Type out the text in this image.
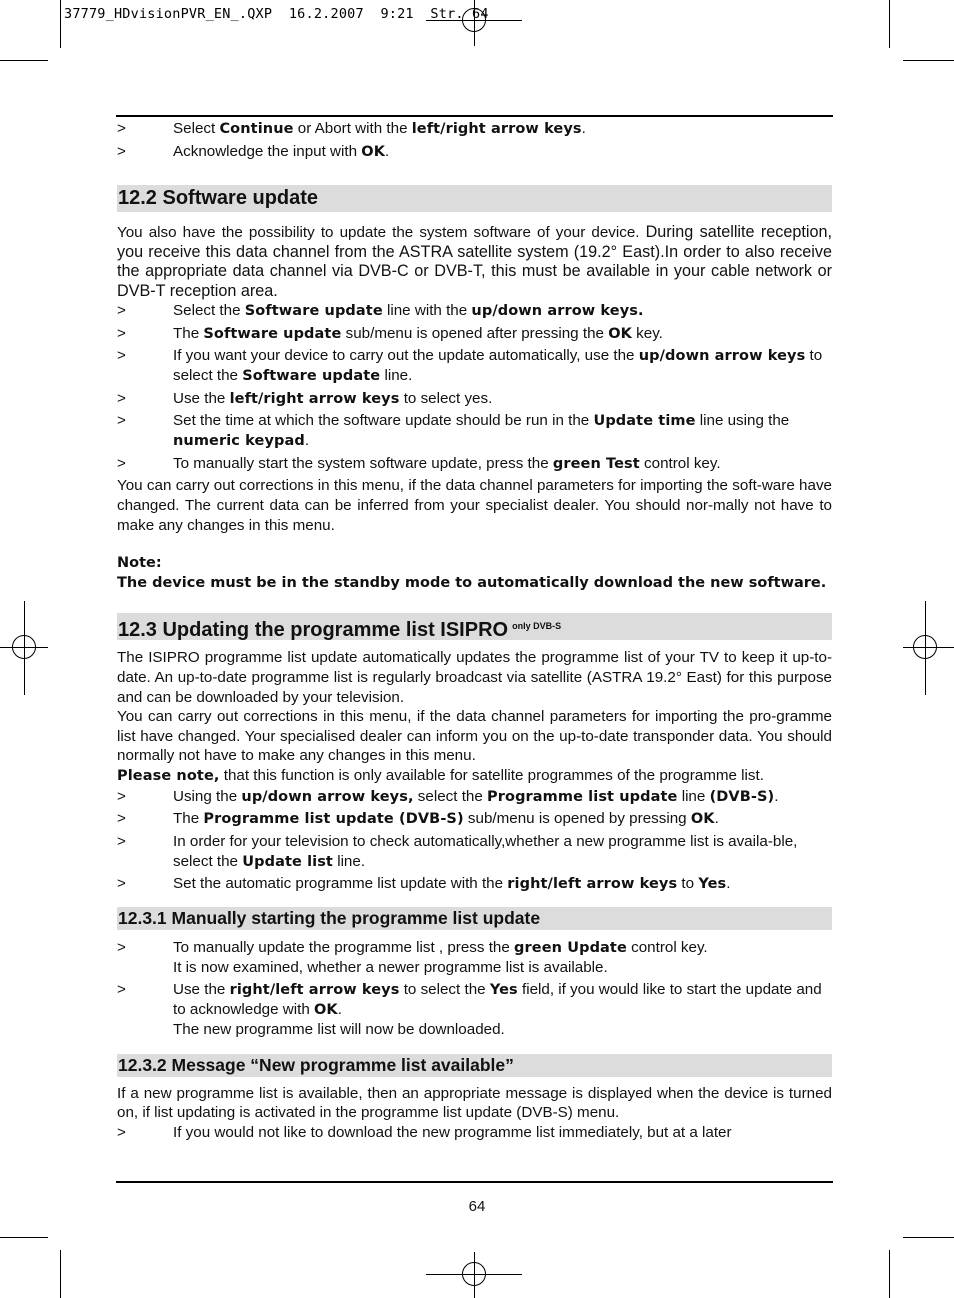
37779_HDvisionPVR_EN_.QXP  16.2.2007  9:21  Str. 64
>	Select Continue or Abort with the left/right arrow keys.
>	Acknowledge the input with OK.
12.2 Software update
You also have the possibility to update the system software of your device. During satellite reception, you receive this data channel from the ASTRA satellite system (19.2° East).In order to also receive the appropriate data channel via DVB-C or DVB-T, this must be available in your cable network or DVB-T reception area.
>	Select the Software update line with the up/down arrow keys.
>	The Software update sub/menu is opened after pressing the OK key.
>	If you want your device to carry out the update automatically, use the up/down arrow keys to select the Software update line.
>	Use the left/right arrow keys to select yes.
>	Set the time at which the software update should be run in the Update time line using the numeric keypad.
>	To manually start the system software update, press the green Test control key.
You can carry out corrections in this menu, if the data channel parameters for importing the soft-ware have changed. The current data can be inferred from your specialist dealer. You should nor-mally not have to make any changes in this menu.
Note:
The device must be in the standby mode to automatically download the new software.
12.3 Updating the programme list ISIPRO $^{only DVB-S}$
The ISIPRO programme list update automatically updates the programme list of your TV to keep it up-to-date. An up-to-date programme list is regularly broadcast via satellite (ASTRA 19.2° East) for this purpose and can be downloaded by your television.
You can carry out corrections in this menu, if the data channel parameters for importing the pro-gramme list have changed. Your specialised dealer can inform you on the up-to-date transponder data. You should normally not have to make any changes in this menu.
Please note, that this function is only available for satellite programmes of the programme list.
>	Using the up/down arrow keys, select the Programme list update line (DVB-S).
>	The Programme list update (DVB-S) sub/menu is opened by pressing OK.
>	In order for your television to check automatically,whether a new programme list is availa-ble, select the Update list line.
>	Set the automatic programme list update with the right/left arrow keys to Yes.
12.3.1 Manually starting the programme list update
>	To manually update the programme list , press the green Update control key.
It is now examined, whether a newer programme list is available.
>	Use the right/left arrow keys to select the Yes field, if you would like to start the update and to acknowledge with OK.
The new programme list will now be downloaded.
12.3.2 Message “New programme list available”
If a new programme list is available, then an appropriate message is displayed when the device is turned on, if list updating is activated in the programme list update (DVB-S) menu.
>	If you would not like to download the new programme list immediately, but at a later
64
